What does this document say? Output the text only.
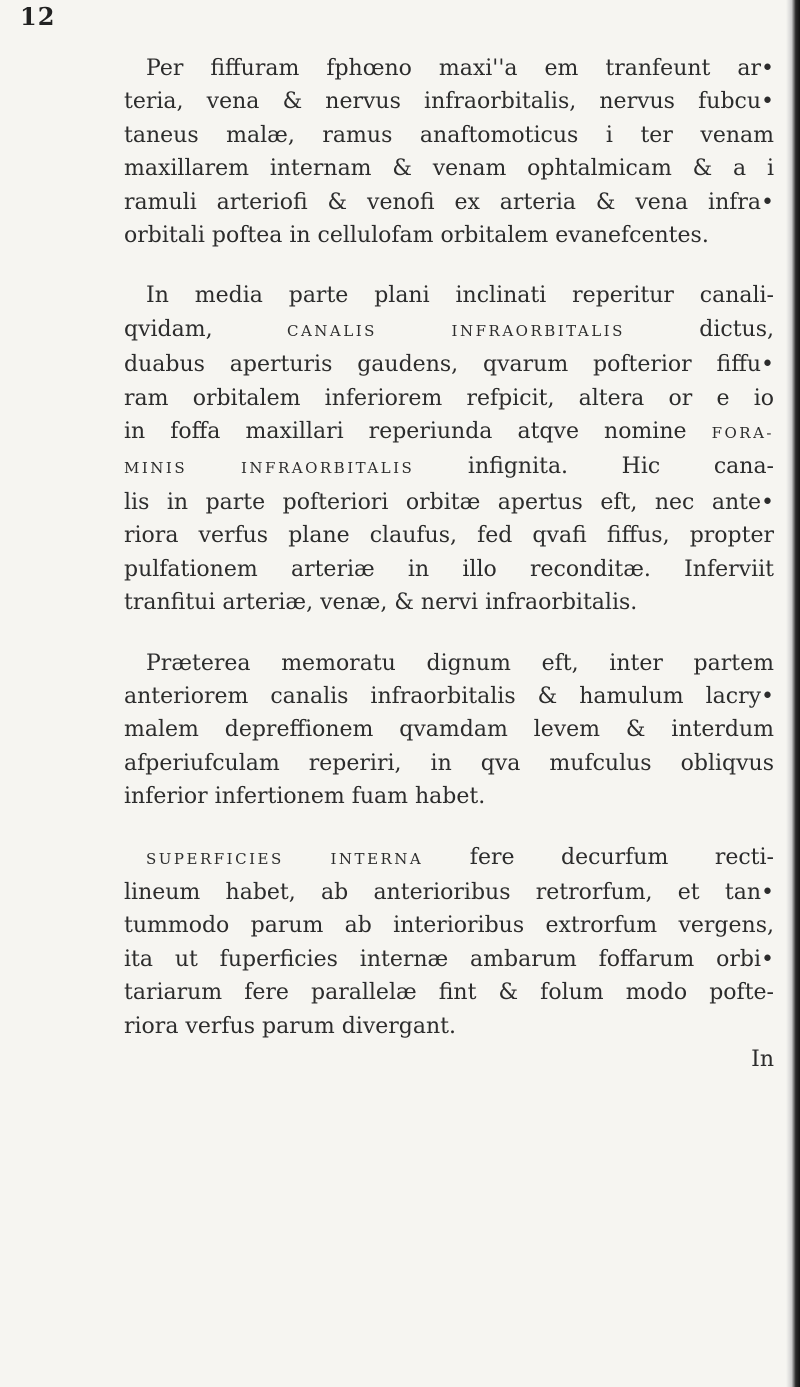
12

Per fiffuram fphœno maxi''a em tranfeunt ar•
teria, vena & nervus infraorbitalis, nervus fubcu•
taneus malæ, ramus anaftomoticus i ter venam
maxillarem internam & venam ophtalmicam & a i
ramuli arteriofi & venofi ex arteria & vena infra•
orbitali poftea in cellulofam orbitalem evanefcentes.

In media parte plani inclinati reperitur canali-
qvidam, CANALIS INFRAORBITALIS dictus,
duabus aperturis gaudens, qvarum pofterior fiffu•
ram orbitalem inferiorem refpicit, altera or e io
in foffa maxillari reperiunda atqve nomine FORA-
MINIS INFRAORBITALIS infignita. Hic cana-
lis in parte pofteriori orbitæ apertus eft, nec ante•
riora verfus plane claufus, fed qvafi fiffus, propter
pulfationem arteriæ in illo reconditæ. Inferviit
tranfitui arteriæ, venæ, & nervi infraorbitalis.

Præterea memoratu dignum eft, inter partem
anteriorem canalis infraorbitalis & hamulum lacry•
malem depreffionem qvamdam levem & interdum
afperiufculam reperiri, in qva mufculus obliqvus
inferior infertionem fuam habet.

SUPERFICIES INTERNA fere decurfum recti-
lineum habet, ab anterioribus retrorfum, et tan•
tummodo parum ab interioribus extrorfum vergens,
ita ut fuperficies internæ ambarum foffarum orbi•
tariarum fere parallelæ fint & folum modo pofte-
riora verfus parum divergant.

In
